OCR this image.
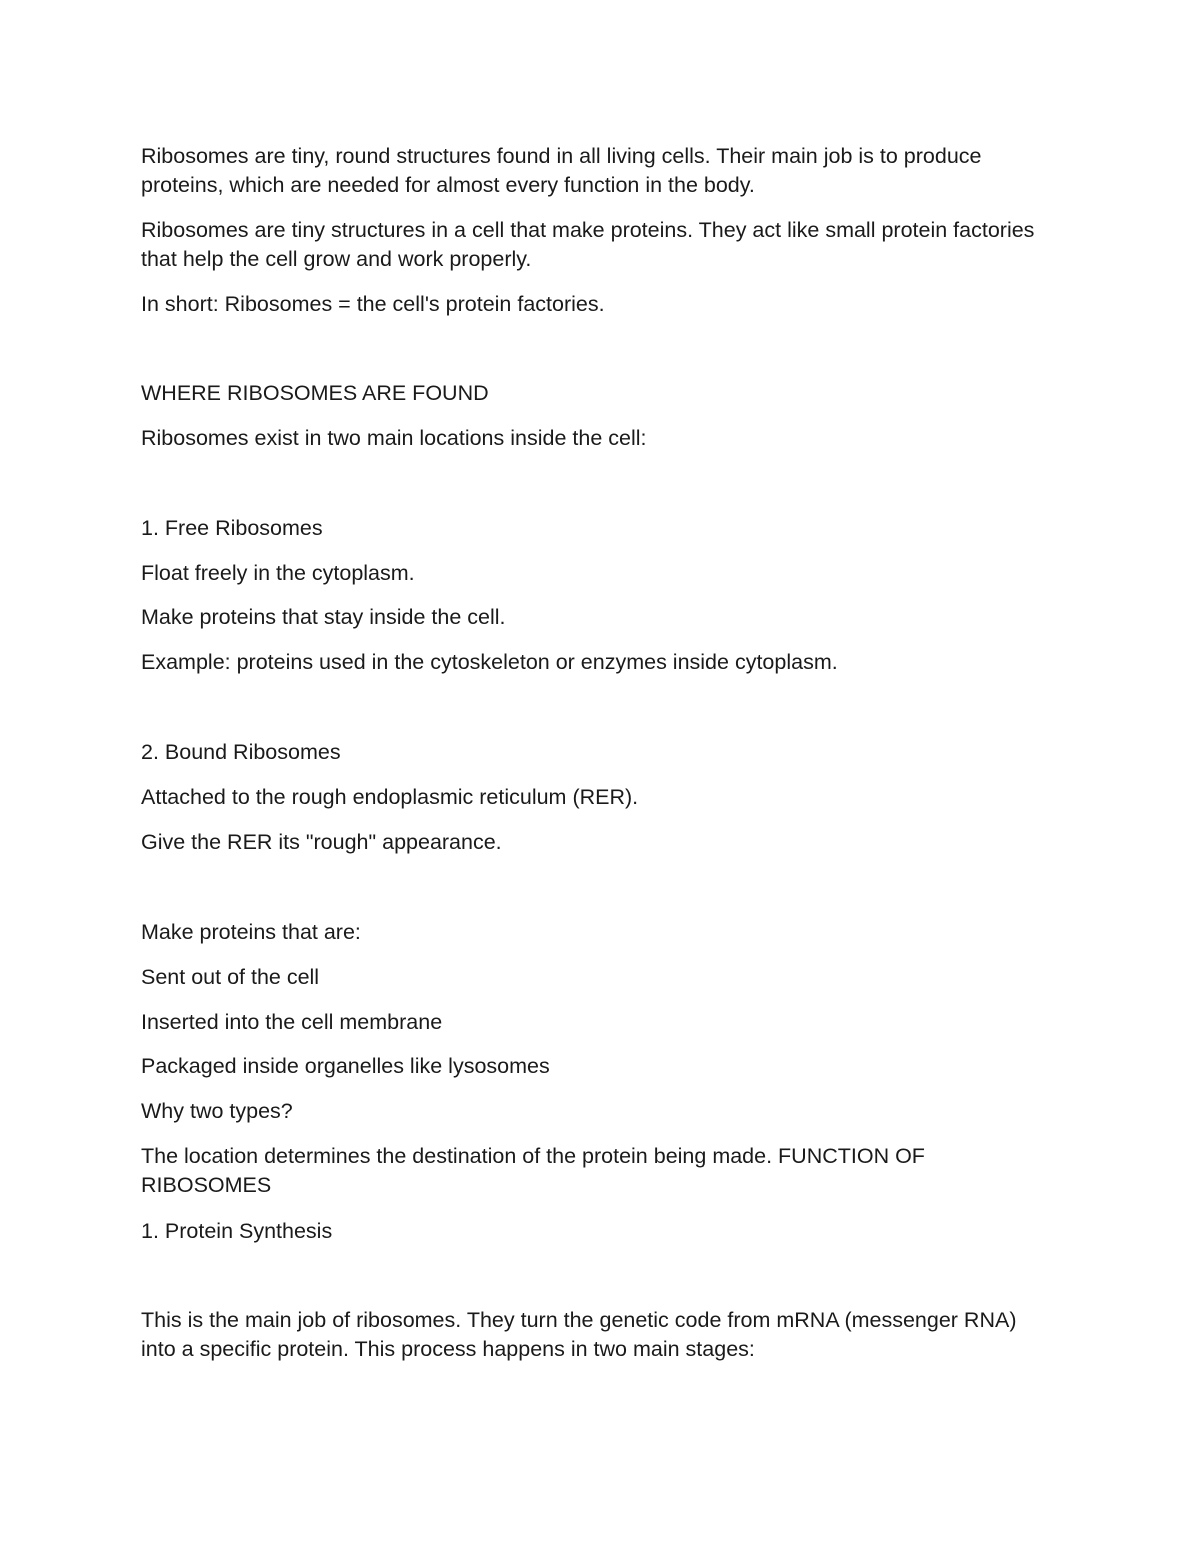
Ribosomes are tiny, round structures found in all living cells. Their main job is to produce proteins, which are needed for almost every function in the body.

Ribosomes are tiny structures in a cell that make proteins. They act like small protein factories that help the cell grow and work properly.

In short: Ribosomes = the cell's protein factories.

WHERE RIBOSOMES ARE FOUND

Ribosomes exist in two main locations inside the cell:

1. Free Ribosomes

Float freely in the cytoplasm.

Make proteins that stay inside the cell.

Example: proteins used in the cytoskeleton or enzymes inside cytoplasm.

2. Bound Ribosomes

Attached to the rough endoplasmic reticulum (RER).

Give the RER its "rough" appearance.

Make proteins that are:

Sent out of the cell

Inserted into the cell membrane

Packaged inside organelles like lysosomes

Why two types?

The location determines the destination of the protein being made. FUNCTION OF RIBOSOMES

1. Protein Synthesis

This is the main job of ribosomes. They turn the genetic code from mRNA (messenger RNA) into a specific protein. This process happens in two main stages:
